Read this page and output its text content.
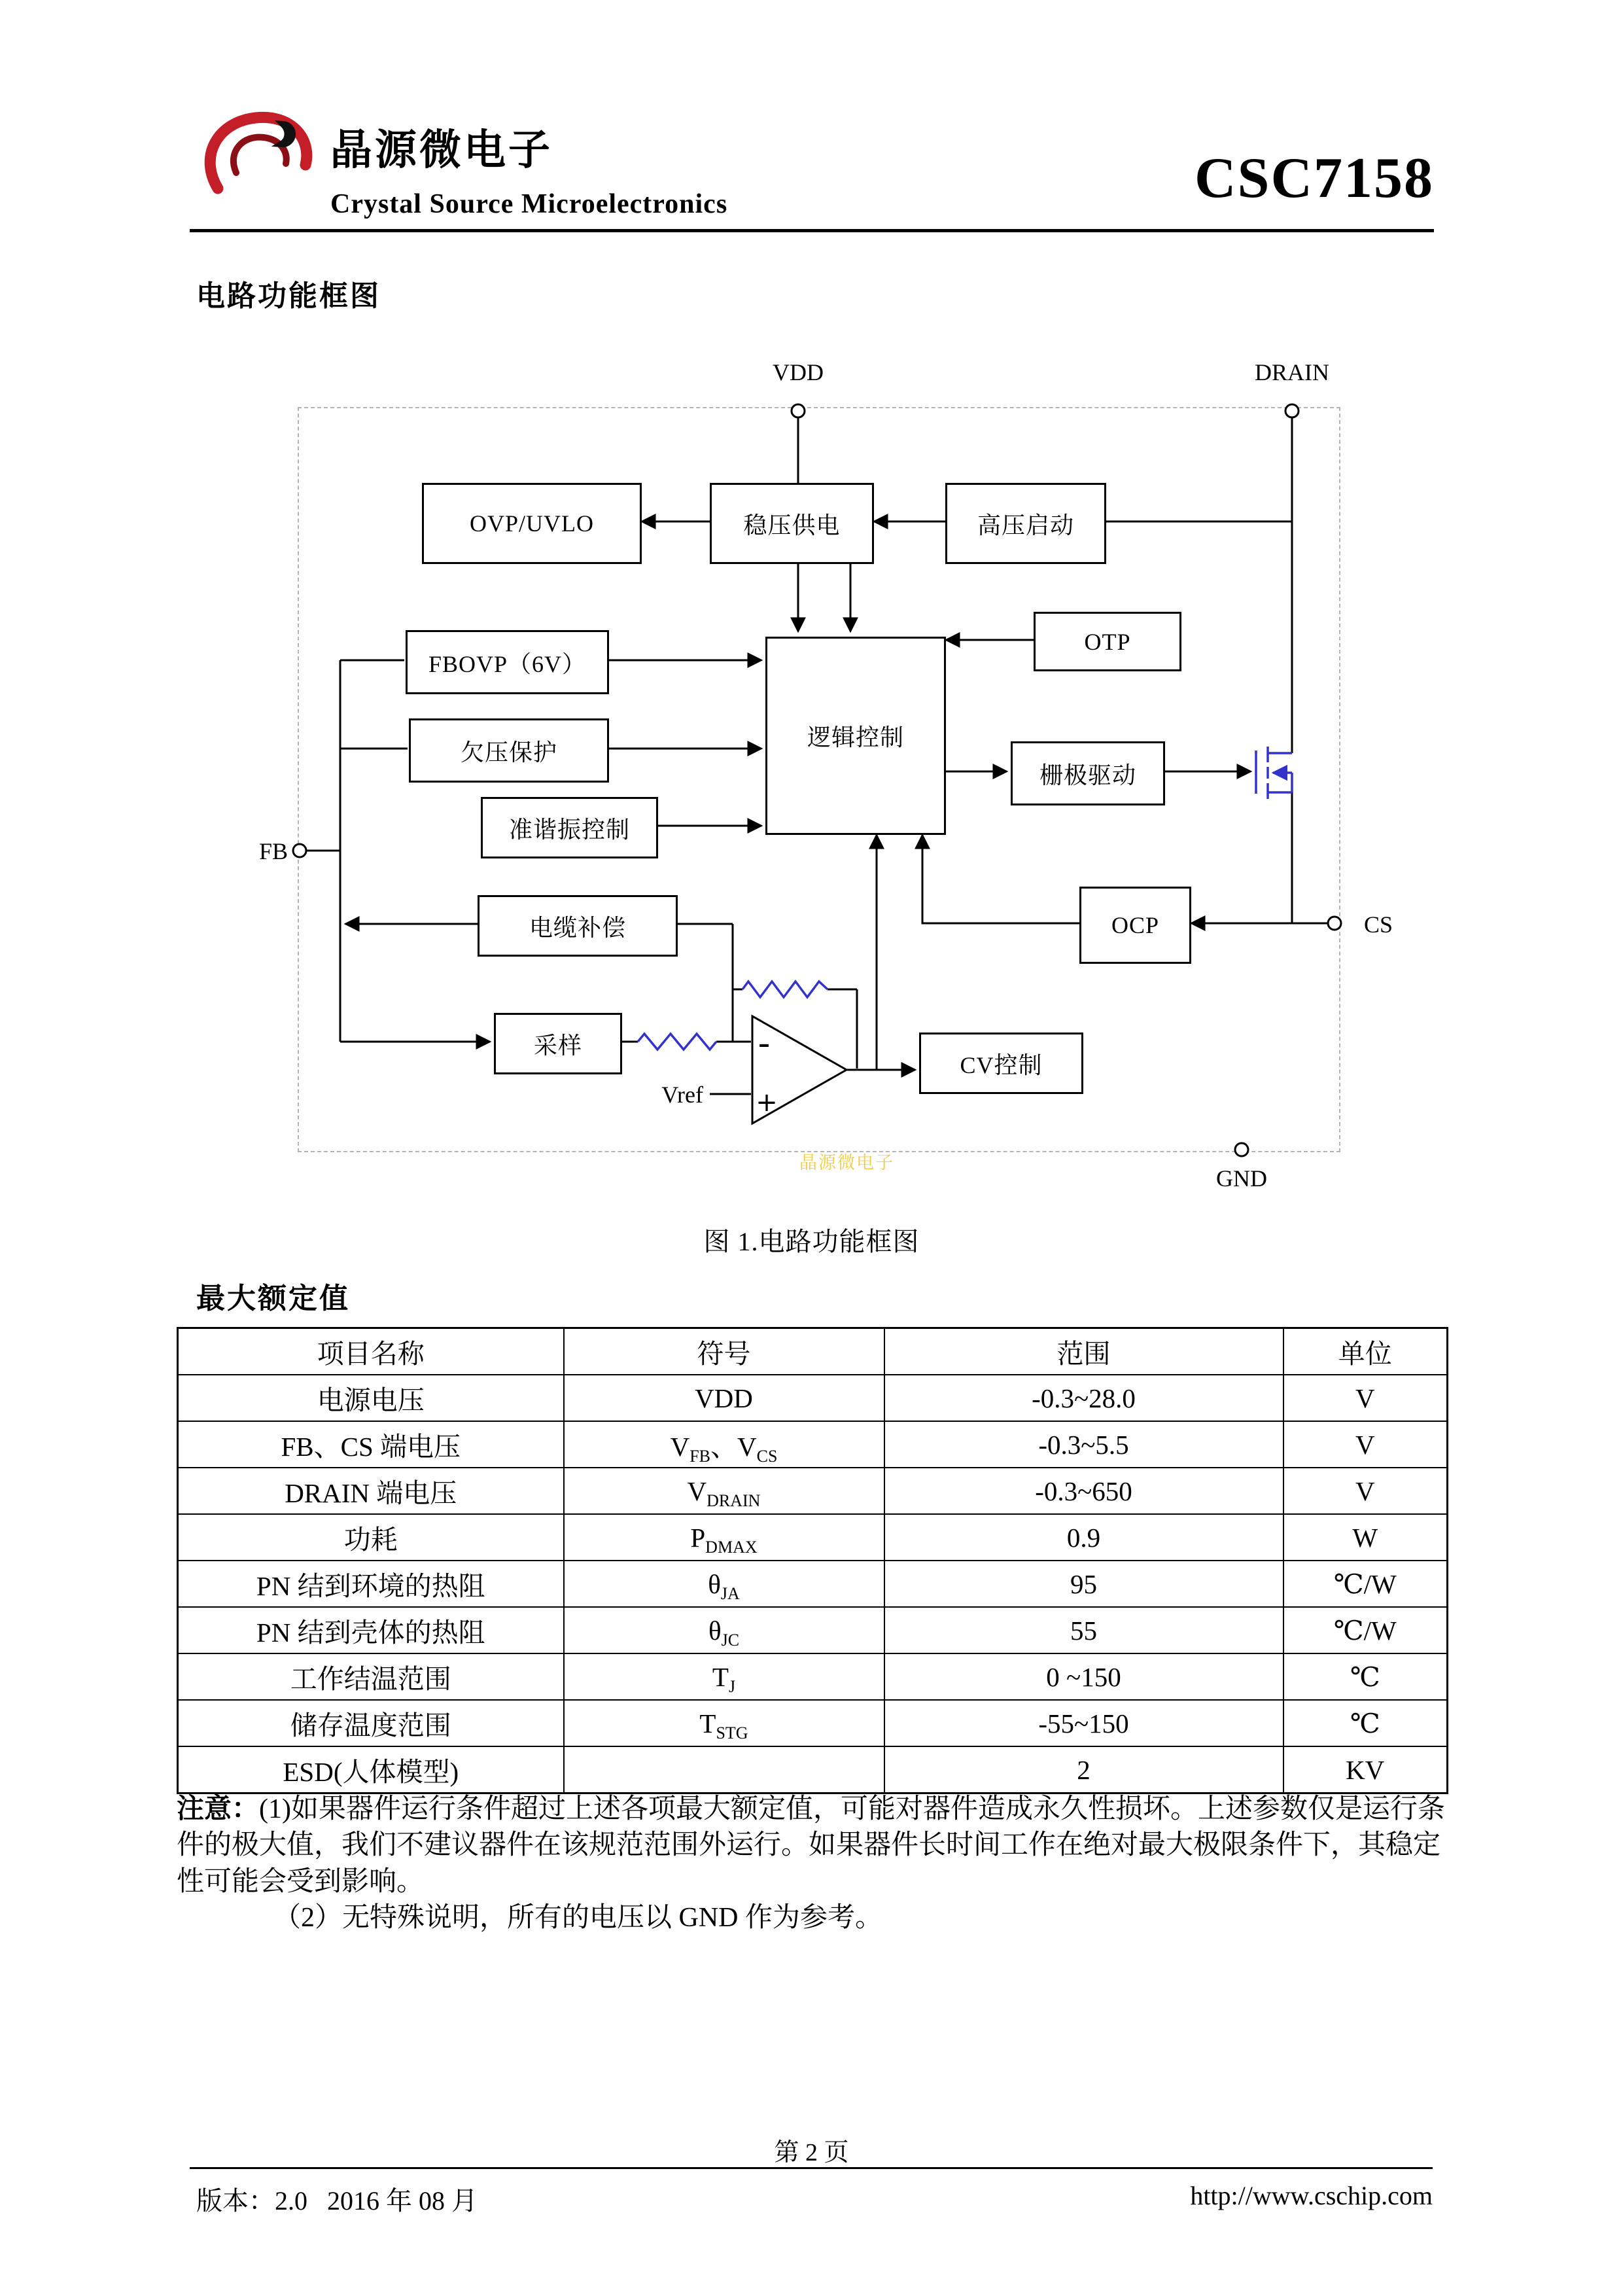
晶源微电子
Crystal Source Microelectronics	CSC7158
电路功能框图
-
+
OVP/UVLO	稳压供电	高压启动
OTP
FBOVP（6V）
欠压保护
逻辑控制
栅极驱动
准谐振控制
电缆补偿	OCP
采样
CV控制
VDD	DRAIN
FB
CS
GND
Vref
晶源微电子
图 1.电路功能框图
最大额定值
项目名称	符号	范围	单位
电源电压	VDD	-0.3~28.0	V
FB、CS 端电压	$V_{FB}$、$V_{CS}$	-0.3~5.5	V
DRAIN 端电压	$V_{DRAIN}$	-0.3~650	V
功耗	$P_{DMAX}$	0.9	W
PN 结到环境的热阻	$\theta_{JA}$	95	℃/W
PN 结到壳体的热阻	$\theta_{JC}$	55	℃/W
工作结温范围	$T_J$	0 ~150	℃
储存温度范围	$T_{STG}$	-55~150	℃
ESD(人体模型)		2	KV

注意：(1)如果器件运行条件超过上述各项最大额定值，可能对器件造成永久性损坏。上述参数仅是运行条件的极大值，我们不建议器件在该规范范围外运行。如果器件长时间工作在绝对最大极限条件下，其稳定性可能会受到影响。

（2）无特殊说明，所有的电压以 GND 作为参考。

第 2 页
版本：2.0   2016 年 08 月	http://www.cschip.com
